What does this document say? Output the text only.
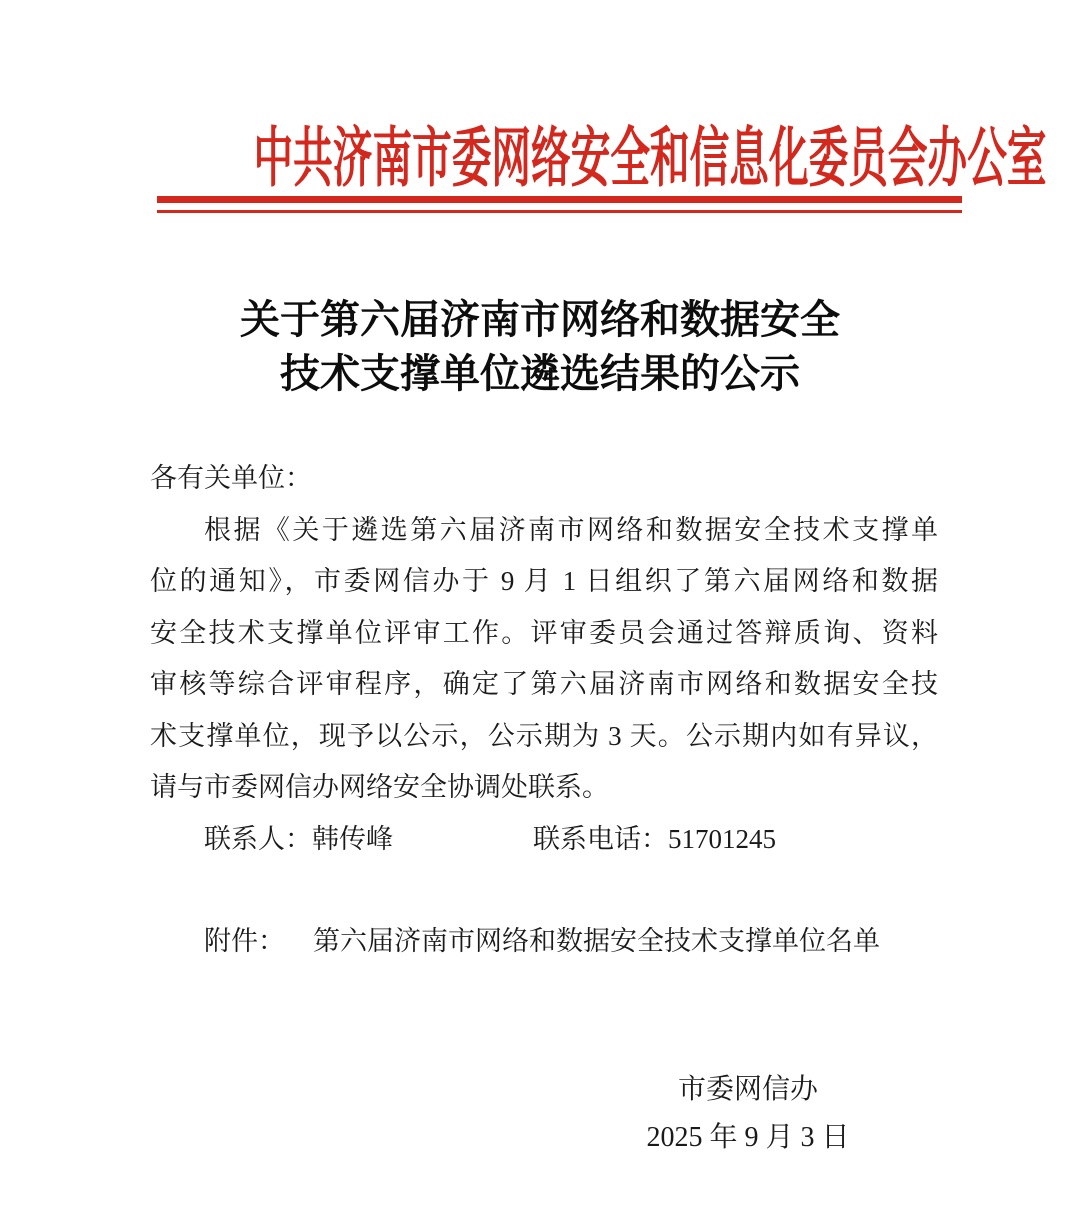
中共济南市委网络安全和信息化委员会办公室
关于第六届济南市网络和数据安全
技术支撑单位遴选结果的公示
各有关单位：
根据《关于遴选第六届济南市网络和数据安全技术支撑单
位的通知》，市委网信办于 9 月 1 日组织了第六届网络和数据
安全技术支撑单位评审工作。评审委员会通过答辩质询、资料
审核等综合评审程序，确定了第六届济南市网络和数据安全技
术支撑单位，现予以公示，公示期为 3 天。公示期内如有异议，
请与市委网信办网络安全协调处联系。
联系人：韩传峰	联系电话：51701245
附件： 第六届济南市网络和数据安全技术支撑单位名单
市委网信办
2025 年 9 月 3 日
